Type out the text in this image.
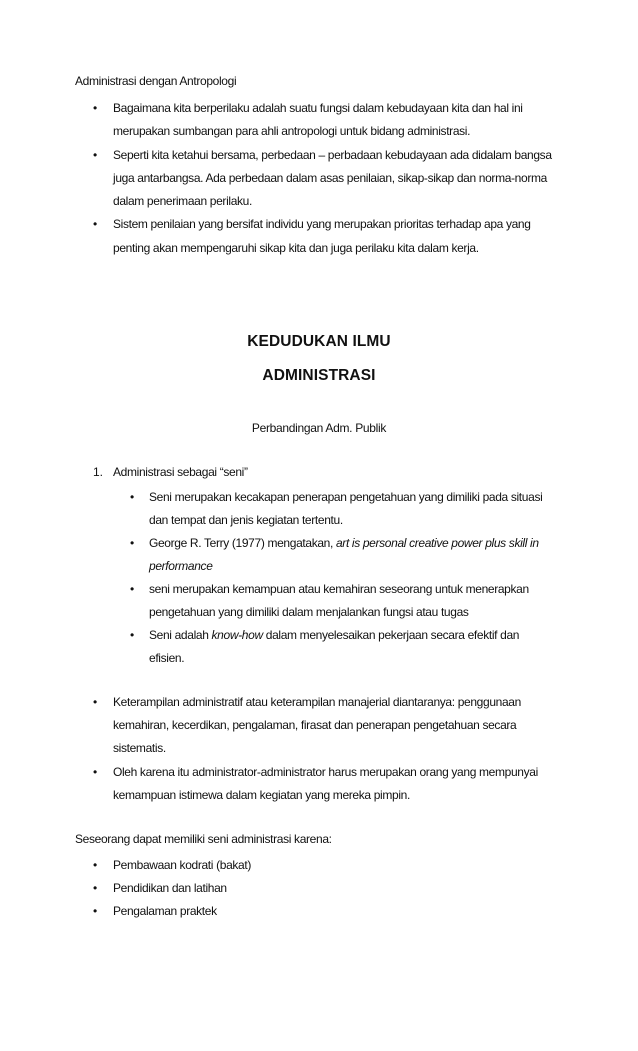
Administrasi dengan Antropologi
• Bagaimana kita berperilaku adalah suatu fungsi dalam kebudayaan kita dan hal ini
merupakan sumbangan para ahli antropologi untuk bidang administrasi.
• Seperti kita ketahui bersama, perbedaan – perbadaan kebudayaan ada didalam bangsa
juga antarbangsa. Ada perbedaan dalam asas penilaian, sikap-sikap dan norma-norma
dalam penerimaan perilaku.
• Sistem penilaian yang bersifat individu yang merupakan prioritas terhadap apa yang
penting akan mempengaruhi sikap kita dan juga perilaku kita dalam kerja.
KEDUDUKAN ILMU
ADMINISTRASI
Perbandingan Adm. Publik
1. Administrasi sebagai “seni”
• Seni merupakan kecakapan penerapan pengetahuan yang dimiliki pada situasi
dan tempat dan jenis kegiatan tertentu.
• George R. Terry (1977) mengatakan, art is personal creative power plus skill in
performance
• seni merupakan kemampuan atau kemahiran seseorang untuk menerapkan
pengetahuan yang dimiliki dalam menjalankan fungsi atau tugas
• Seni adalah know-how dalam menyelesaikan pekerjaan secara efektif dan
efisien.
• Keterampilan administratif atau keterampilan manajerial diantaranya: penggunaan
kemahiran, kecerdikan, pengalaman, firasat dan penerapan pengetahuan secara
sistematis.
• Oleh karena itu administrator-administrator harus merupakan orang yang mempunyai
kemampuan istimewa dalam kegiatan yang mereka pimpin.
Seseorang dapat memiliki seni administrasi karena:
• Pembawaan kodrati (bakat)
• Pendidikan dan latihan
• Pengalaman praktek
